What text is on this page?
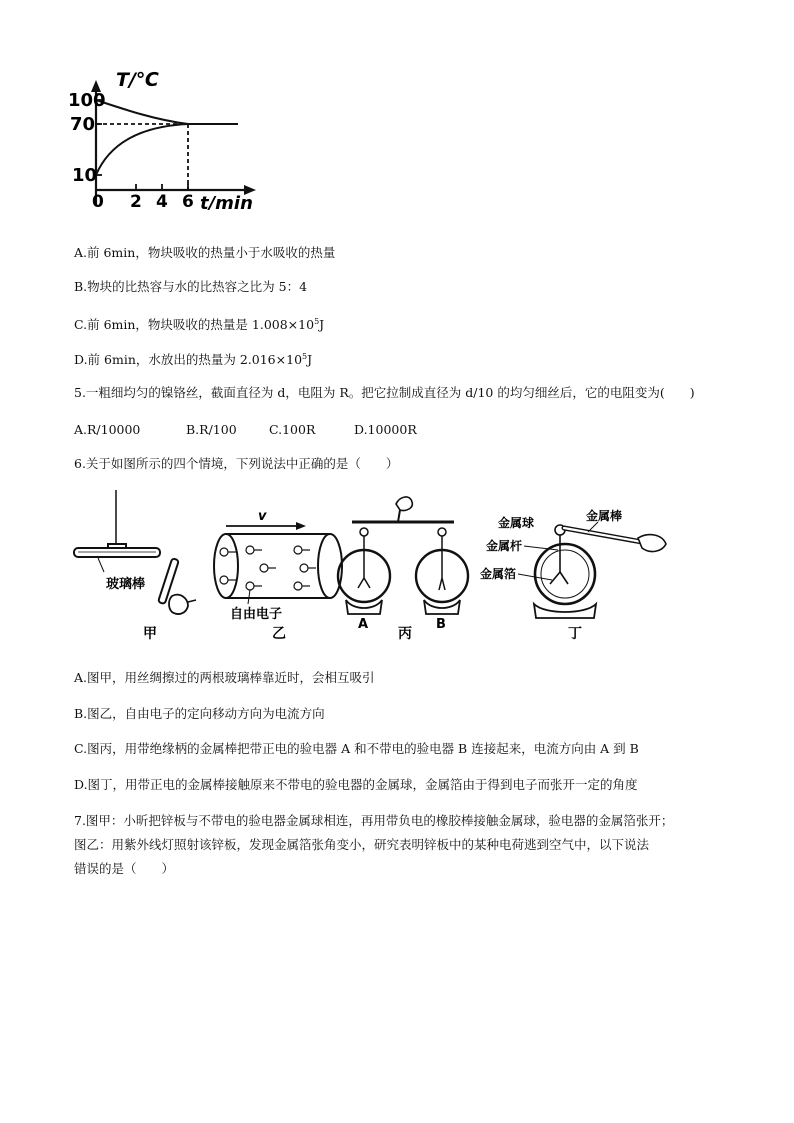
T/℃
100
70
10
0 2 4 6 t/min
A.前 6min，物块吸收的热量小于水吸收的热量
B.物块的比热容与水的比热容之比为 5：4
C.前 6min，物块吸收的热量是 $1.008\times 10^5J$
D.前 6min，水放出的热量为 $2.016\times 10^5J$
5.一粗细均匀的镍铬丝，截面直径为 d，电阻为 R。把它拉制成直径为 d/10 的均匀细丝后，它的电阻变为(　　)
A.R/10000	B.R/100	C.100R	D.10000R
6.关于如图所示的四个情境，下列说法中正确的是（　　）
玻璃棒
甲
v
自由电子
乙
A	B
丙
金属球	金属棒
金属杆
金属箔
丁
A.图甲，用丝绸擦过的两根玻璃棒靠近时，会相互吸引
B.图乙，自由电子的定向移动方向为电流方向
C.图丙，用带绝缘柄的金属棒把带正电的验电器 A 和不带电的验电器 B 连接起来，电流方向由 A 到 B
D.图丁，用带正电的金属棒接触原来不带电的验电器的金属球，金属箔由于得到电子而张开一定的角度
7.图甲：小昕把锌板与不带电的验电器金属球相连，再用带负电的橡胶棒接触金属球，验电器的金属箔张开；
图乙：用紫外线灯照射该锌板，发现金属箔张角变小，研究表明锌板中的某种电荷逃到空气中，以下说法
错误的是（　　）
